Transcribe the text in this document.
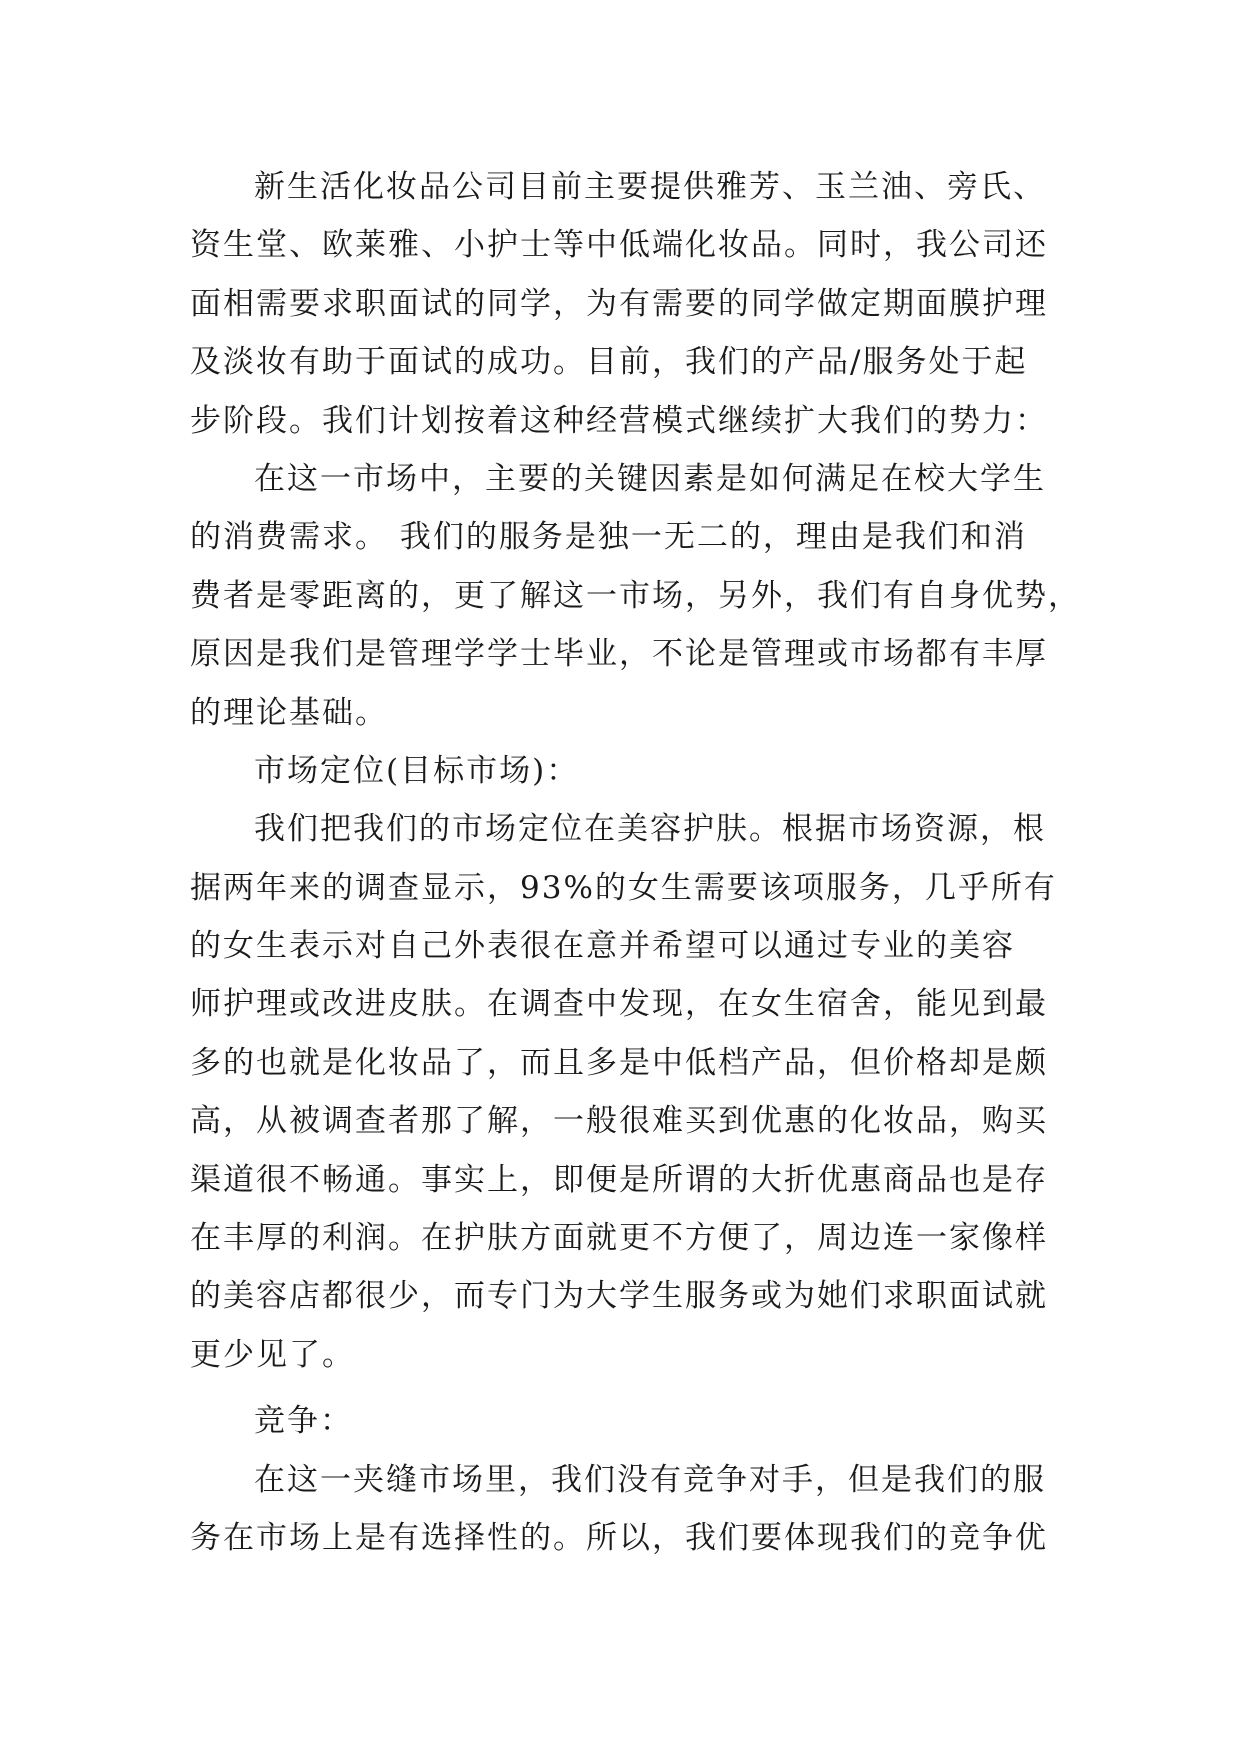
新生活化妆品公司目前主要提供雅芳、玉兰油、旁氏、
资生堂、欧莱雅、小护士等中低端化妆品。同时，我公司还
面相需要求职面试的同学，为有需要的同学做定期面膜护理
及淡妆有助于面试的成功。目前，我们的产品/服务处于起
步阶段。我们计划按着这种经营模式继续扩大我们的势力：
在这一市场中，主要的关键因素是如何满足在校大学生
的消费需求。 我们的服务是独一无二的，理由是我们和消
费者是零距离的，更了解这一市场，另外，我们有自身优势，
原因是我们是管理学学士毕业，不论是管理或市场都有丰厚
的理论基础。
市场定位(目标市场)：
我们把我们的市场定位在美容护肤。根据市场资源，根
据两年来的调查显示，93%的女生需要该项服务，几乎所有
的女生表示对自己外表很在意并希望可以通过专业的美容
师护理或改进皮肤。在调查中发现，在女生宿舍，能见到最
多的也就是化妆品了，而且多是中低档产品，但价格却是颇
高，从被调查者那了解，一般很难买到优惠的化妆品，购买
渠道很不畅通。事实上，即便是所谓的大折优惠商品也是存
在丰厚的利润。在护肤方面就更不方便了，周边连一家像样
的美容店都很少，而专门为大学生服务或为她们求职面试就
更少见了。
竞争：
在这一夹缝市场里，我们没有竞争对手，但是我们的服
务在市场上是有选择性的。所以，我们要体现我们的竞争优
